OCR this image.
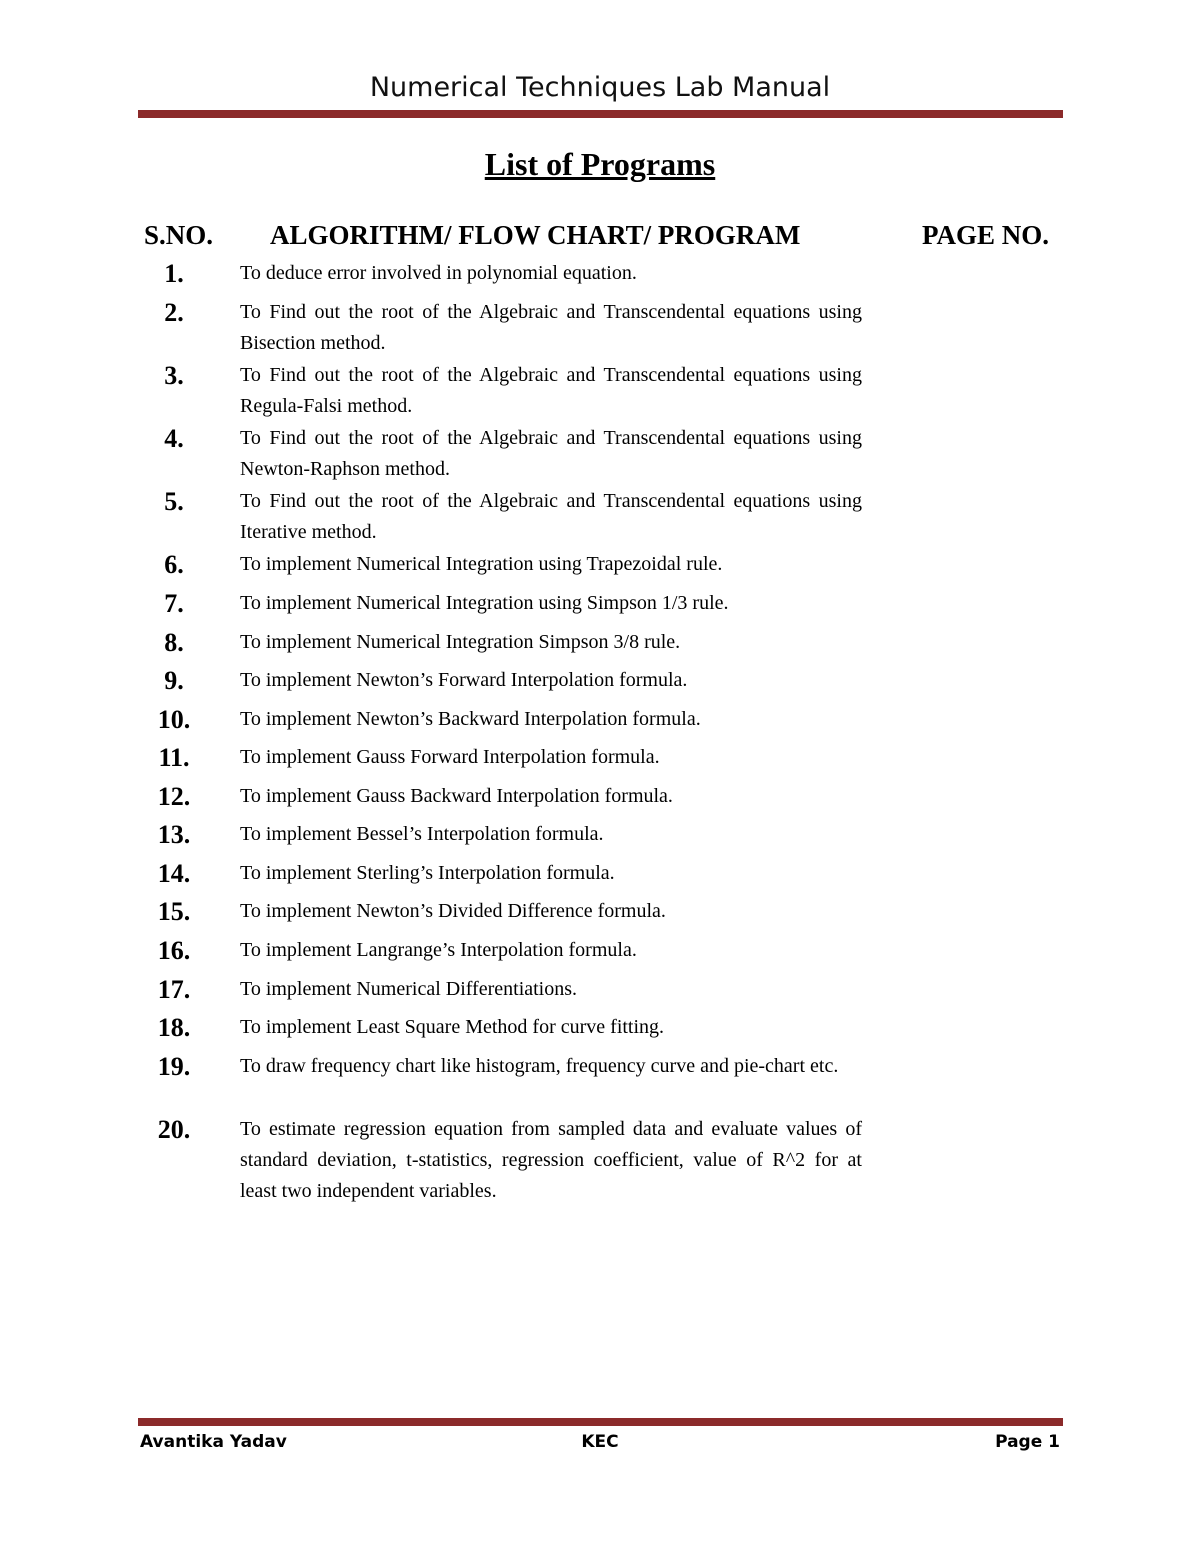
Numerical Techniques Lab Manual
List of Programs
S.NO. ALGORITHM/ FLOW CHART/ PROGRAM	PAGE NO.
1.	To deduce error involved in polynomial equation.
2.	To Find out the root of the Algebraic and Transcendental equations using Bisection method.
3.	To Find out the root of the Algebraic and Transcendental equations using Regula-Falsi method.
4.	To Find out the root of the Algebraic and Transcendental equations using Newton-Raphson method.
5.	To Find out the root of the Algebraic and Transcendental equations using Iterative method.
6.	To implement Numerical Integration using Trapezoidal rule.
7.	To implement Numerical Integration using Simpson 1/3 rule.
8.	To implement Numerical Integration Simpson 3/8 rule.
9.	To implement Newton’s Forward Interpolation formula.
10.	To implement Newton’s Backward Interpolation formula.
11.	To implement Gauss Forward Interpolation formula.
12.	To implement Gauss Backward Interpolation formula.
13.	To implement Bessel’s Interpolation formula.
14.	To implement Sterling’s Interpolation formula.
15.	To implement Newton’s Divided Difference formula.
16.	To implement Langrange’s Interpolation formula.
17.	To implement Numerical Differentiations.
18.	To implement Least Square Method for curve fitting.
19.	To draw frequency chart like histogram, frequency curve and pie-chart etc.
20.	To estimate regression equation from sampled data and evaluate values of standard deviation, t-statistics, regression coefficient, value of R^2 for at least two independent variables.
Avantika Yadav	KEC	Page 1
